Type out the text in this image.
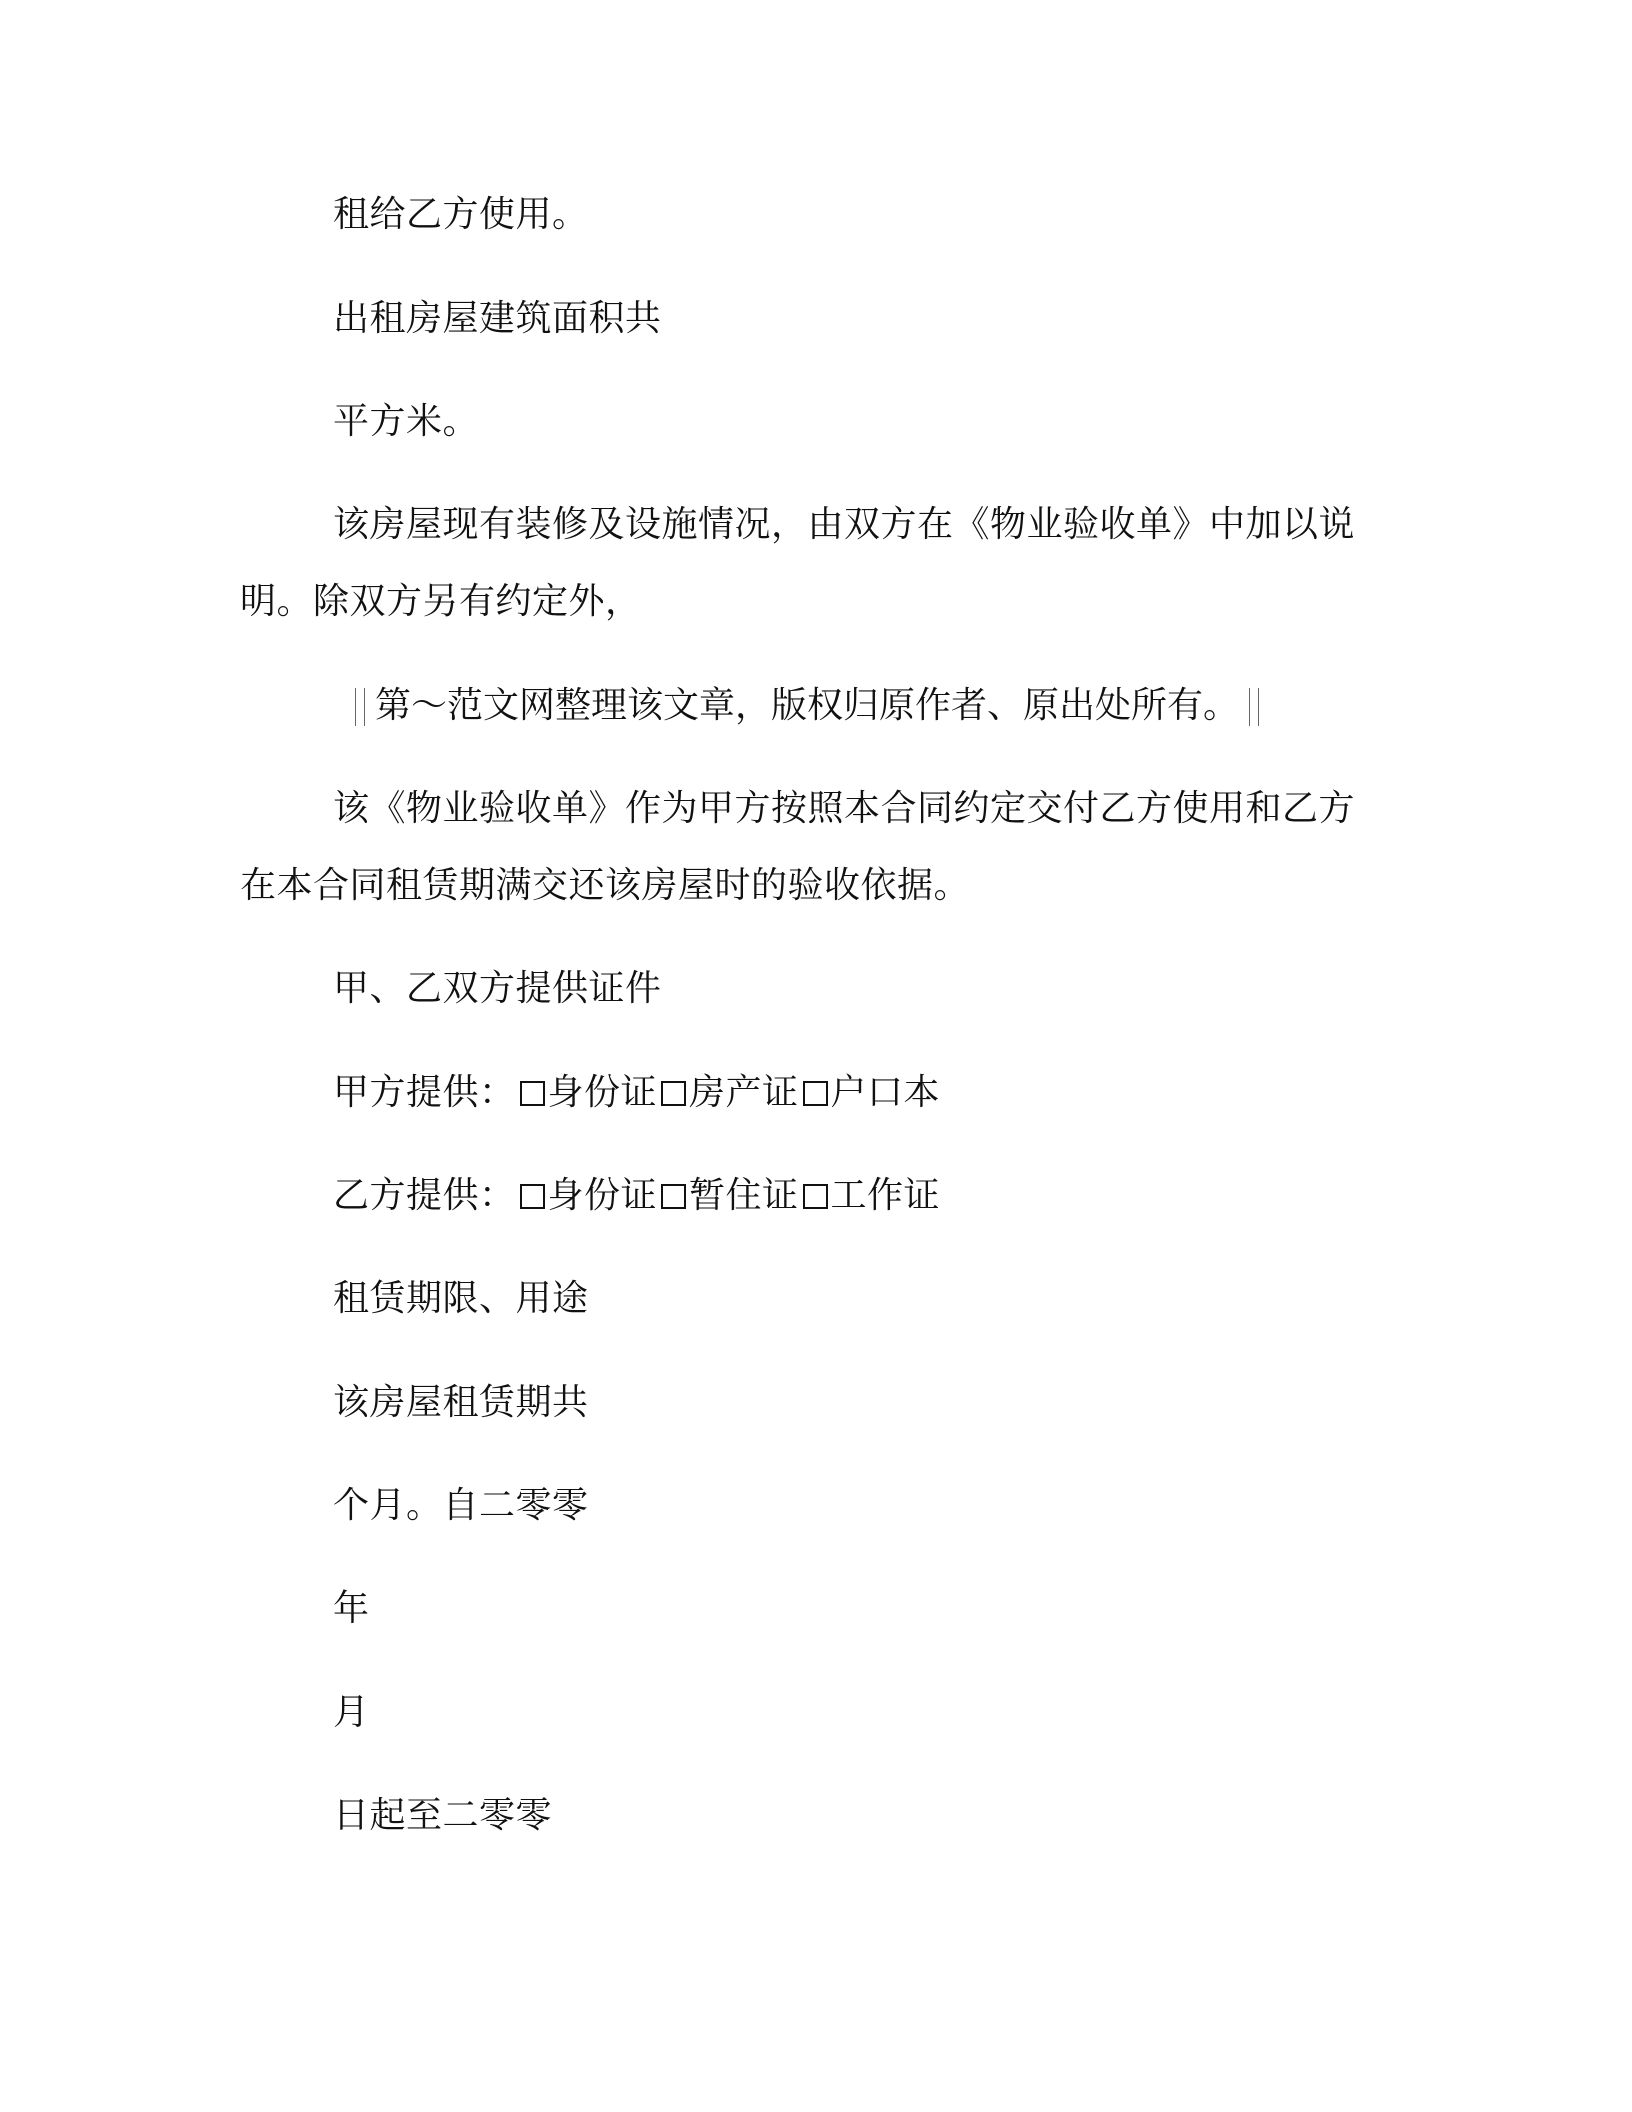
租给乙方使用。
出租房屋建筑面积共
平方米。
该房屋现有装修及设施情况，由双方在《物业验收单》中加以说
明。除双方另有约定外，
第～范文网整理该文章，版权归原作者、原出处所有。
该《物业验收单》作为甲方按照本合同约定交付乙方使用和乙方
在本合同租赁期满交还该房屋时的验收依据。
甲、乙双方提供证件
甲方提供： 身份证 房产证 户口本
乙方提供： 身份证 暂住证 工作证
租赁期限、用途
该房屋租赁期共
个月。自二零零
年
月
日起至二零零
